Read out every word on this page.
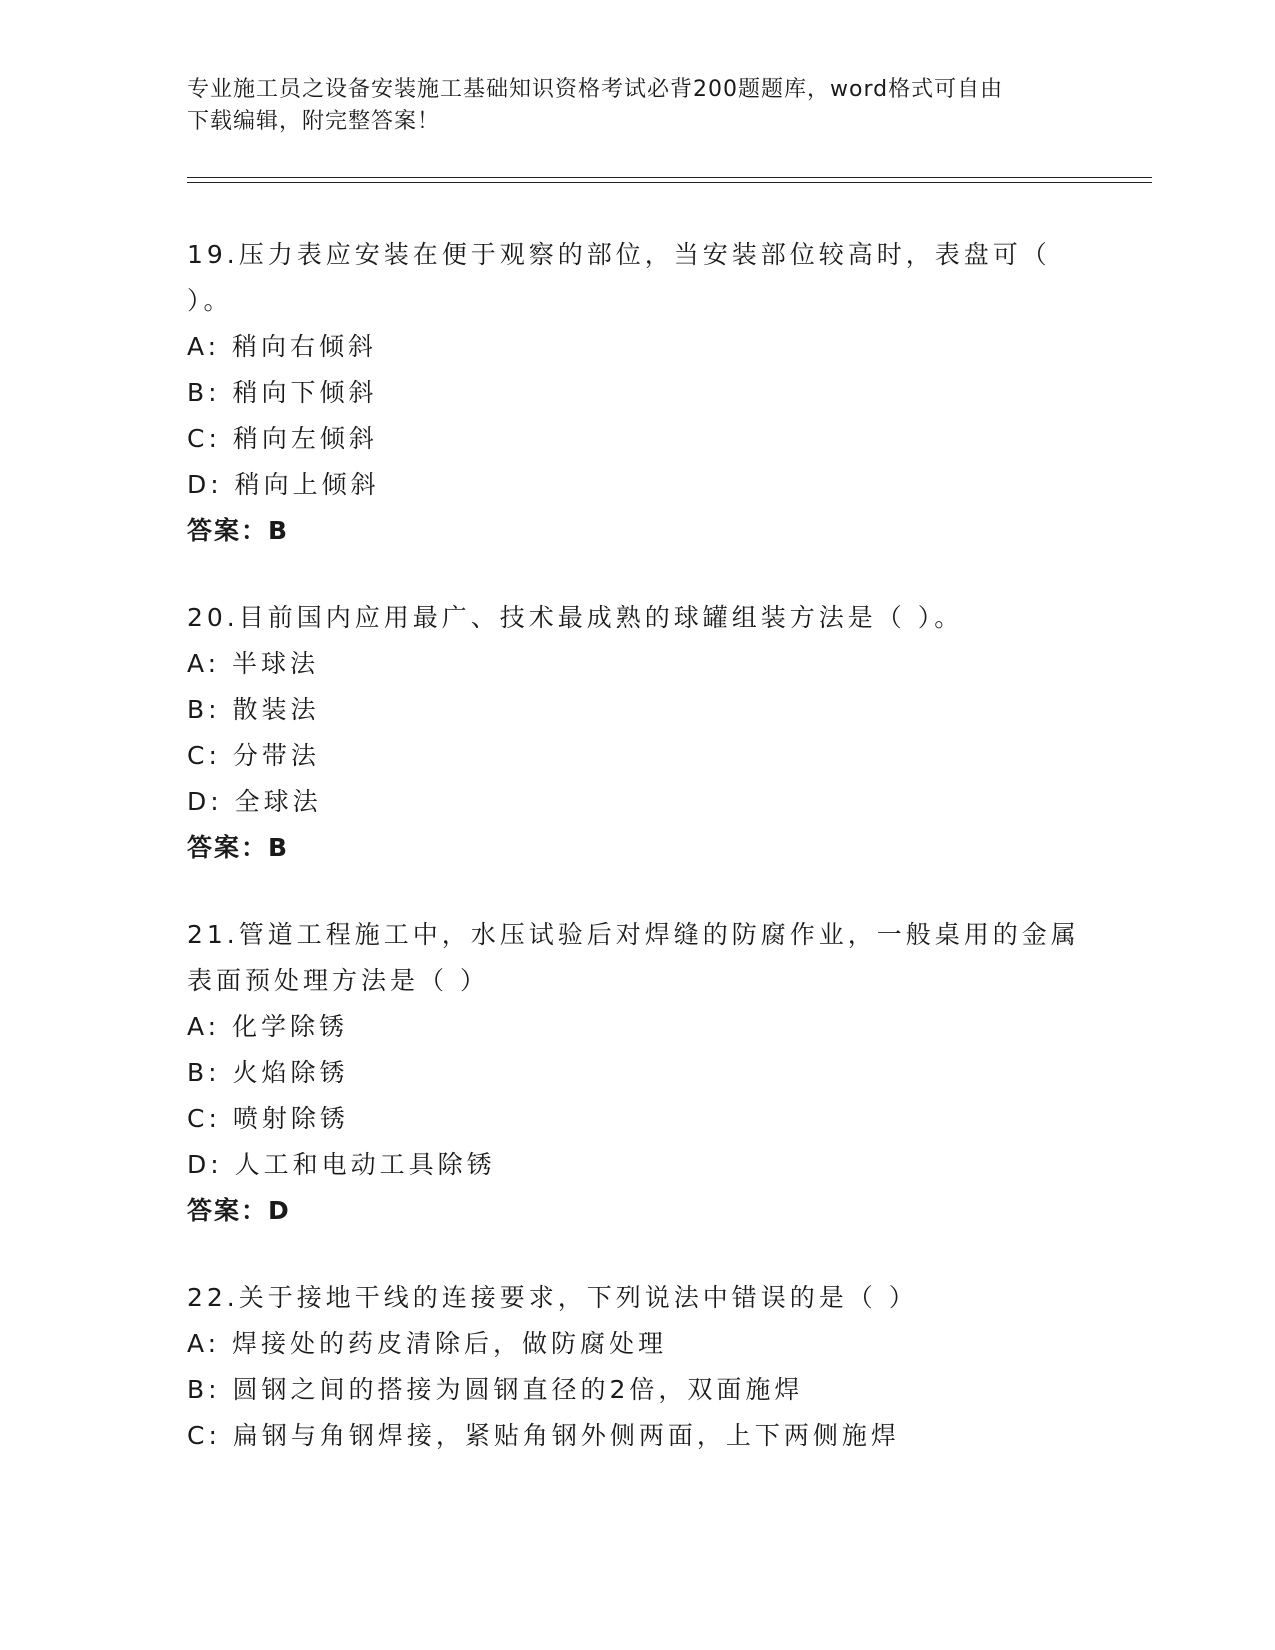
专业施工员之设备安装施工基础知识资格考试必背200题题库，word格式可自由
下载编辑，附完整答案！
19.压力表应安装在便于观察的部位，当安装部位较高时，表盘可（
）。
A: 稍向右倾斜
B: 稍向下倾斜
C: 稍向左倾斜
D: 稍向上倾斜
答案：B
20.目前国内应用最广、技术最成熟的球罐组装方法是（ ）。
A: 半球法
B: 散装法
C: 分带法
D: 全球法
答案：B
21.管道工程施工中，水压试验后对焊缝的防腐作业，一般桌用的金属
表面预处理方法是（ ）
A: 化学除锈
B: 火焰除锈
C: 喷射除锈
D: 人工和电动工具除锈
答案：D
22.关于接地干线的连接要求，下列说法中错误的是（ ）
A: 焊接处的药皮清除后，做防腐处理
B: 圆钢之间的搭接为圆钢直径的2倍，双面施焊
C: 扁钢与角钢焊接，紧贴角钢外侧两面，上下两侧施焊
